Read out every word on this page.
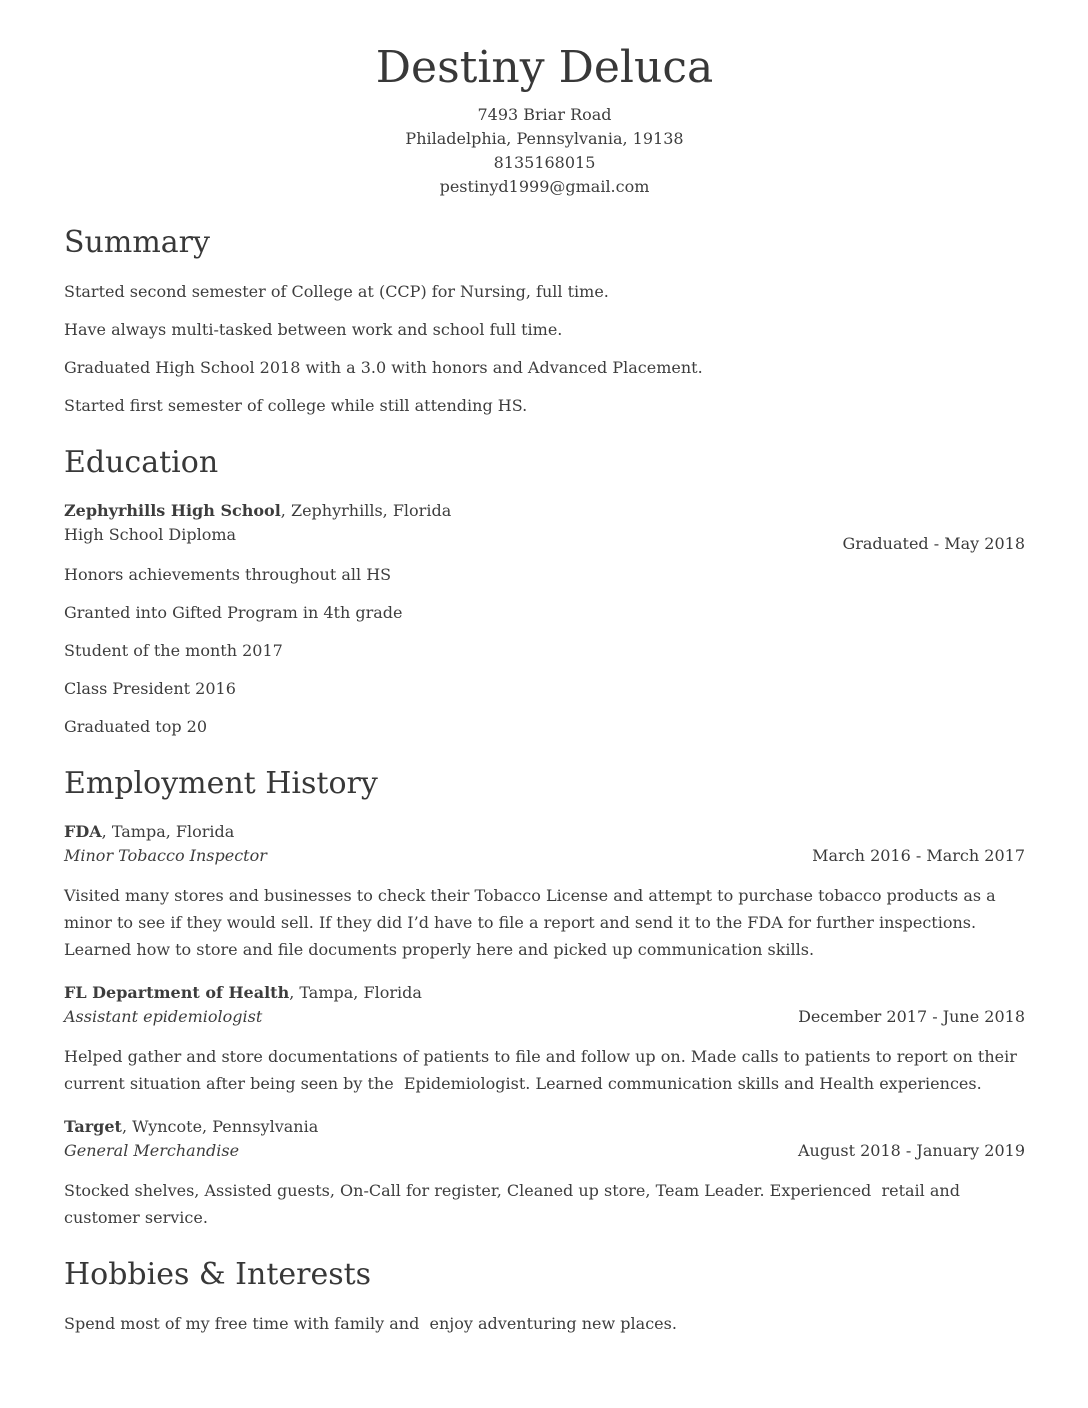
Destiny Deluca
7493 Briar Road
Philadelphia, Pennsylvania, 19138
8135168015
pestinyd1999@gmail.com
Summary

Started second semester of College at (CCP) for Nursing, full time.

Have always multi-tasked between work and school full time.

Graduated High School 2018 with a 3.0 with honors and Advanced Placement.

Started first semester of college while still attending HS.

Education
Zephyrhills High School, Zephyrhills, Florida
High School Diploma	Graduated - May 2018

Honors achievements throughout all HS

Granted into Gifted Program in 4th grade

Student of the month 2017

Class President 2016

Graduated top 20

Employment History
FDA, Tampa, Florida
Minor Tobacco Inspector	March 2016 - March 2017

Visited many stores and businesses to check their Tobacco License and attempt to purchase tobacco products as a minor to see if they would sell. If they did I’d have to file a report and send it to the FDA for further inspections. Learned how to store and file documents properly here and picked up communication skills.

FL Department of Health, Tampa, Florida
Assistant epidemiologist	December 2017 - June 2018

Helped gather and store documentations of patients to file and follow up on. Made calls to patients to report on their current situation after being seen by the  Epidemiologist. Learned communication skills and Health experiences.

Target, Wyncote, Pennsylvania
General Merchandise	August 2018 - January 2019

Stocked shelves, Assisted guests, On-Call for register, Cleaned up store, Team Leader. Experienced  retail and customer service.

Hobbies & Interests

Spend most of my free time with family and  enjoy adventuring new places.
